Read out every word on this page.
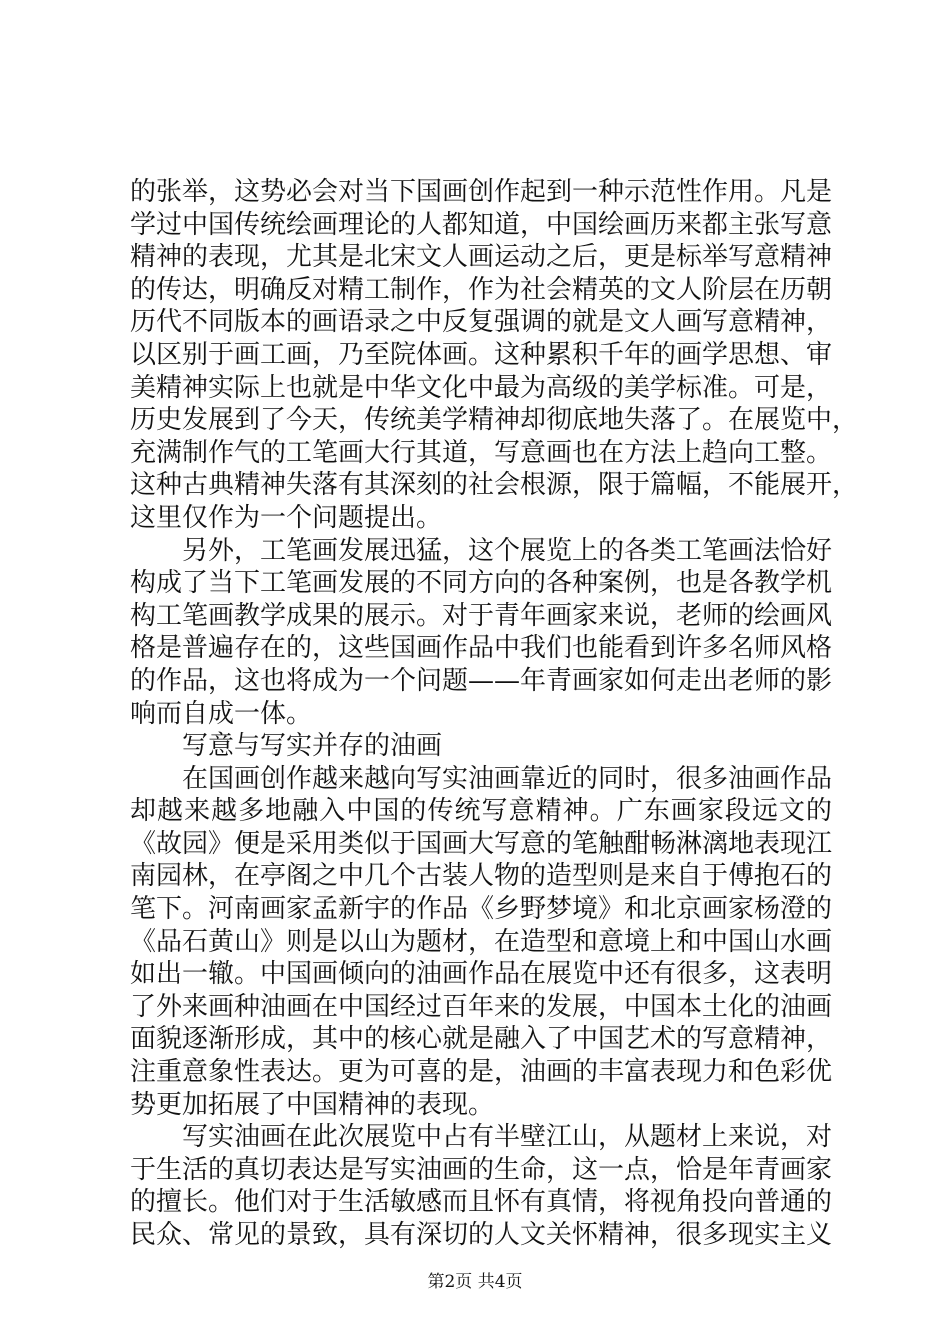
的张举，这势必会对当下国画创作起到一种示范性作用。凡是
学过中国传统绘画理论的人都知道，中国绘画历来都主张写意
精神的表现，尤其是北宋文人画运动之后，更是标举写意精神
的传达，明确反对精工制作，作为社会精英的文人阶层在历朝
历代不同版本的画语录之中反复强调的就是文人画写意精神，
以区别于画工画，乃至院体画。这种累积千年的画学思想、审
美精神实际上也就是中华文化中最为高级的美学标准。可是，
历史发展到了今天，传统美学精神却彻底地失落了。在展览中，
充满制作气的工笔画大行其道，写意画也在方法上趋向工整。
这种古典精神失落有其深刻的社会根源，限于篇幅，不能展开，
这里仅作为一个问题提出。
　　另外，工笔画发展迅猛，这个展览上的各类工笔画法恰好
构成了当下工笔画发展的不同方向的各种案例，也是各教学机
构工笔画教学成果的展示。对于青年画家来说，老师的绘画风
格是普遍存在的，这些国画作品中我们也能看到许多名师风格
的作品，这也将成为一个问题——年青画家如何走出老师的影
响而自成一体。
　　写意与写实并存的油画
　　在国画创作越来越向写实油画靠近的同时，很多油画作品
却越来越多地融入中国的传统写意精神。广东画家段远文的
《故园》便是采用类似于国画大写意的笔触酣畅淋漓地表现江
南园林，在亭阁之中几个古装人物的造型则是来自于傅抱石的
笔下。河南画家孟新宇的作品《乡野梦境》和北京画家杨澄的
《品石黄山》则是以山为题材，在造型和意境上和中国山水画
如出一辙。中国画倾向的油画作品在展览中还有很多，这表明
了外来画种油画在中国经过百年来的发展，中国本土化的油画
面貌逐渐形成，其中的核心就是融入了中国艺术的写意精神，
注重意象性表达。更为可喜的是，油画的丰富表现力和色彩优
势更加拓展了中国精神的表现。
　　写实油画在此次展览中占有半壁江山，从题材上来说，对
于生活的真切表达是写实油画的生命，这一点，恰是年青画家
的擅长。他们对于生活敏感而且怀有真情，将视角投向普通的
民众、常见的景致，具有深切的人文关怀精神，很多现实主义
第2页 共4页
